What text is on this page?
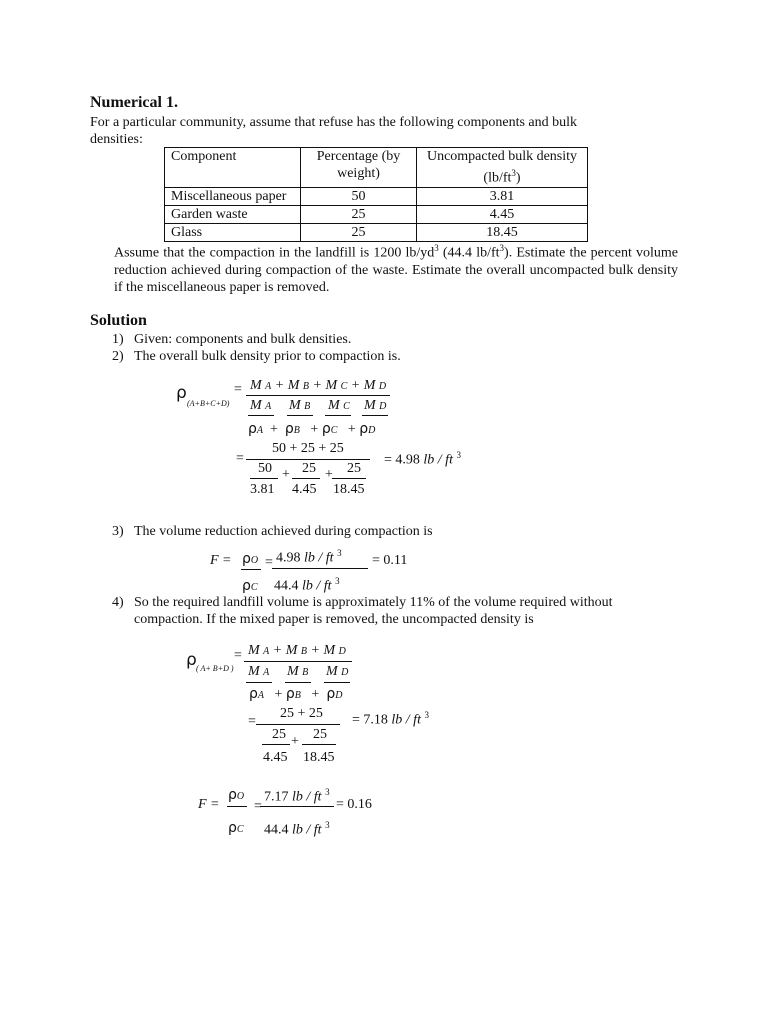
Numerical 1.
For a particular community, assume that refuse has the following components and bulk densities:
Component	Percentage (by weight)	Uncompacted bulk density
$(lb/ft^3)$
Miscellaneous paper	50	3.81
Garden waste	25	4.45
Glass	25	18.45
Assume that the compaction in the landfill is 1200 $lb/yd^3$ (44.4 $lb/ft^3$). Estimate the percent volume reduction achieved during compaction of the waste. Estimate the overall uncompacted bulk density if the miscellaneous paper is removed.
Solution
1) Given: components and bulk densities.
2) The overall bulk density prior to compaction is.
ρ
(A+B+C+D)
= M A + M B + M C + M D
M A M B M C M D
ρA  +  ρB   + ρC   + ρD
=
50 + 25 + 25
50 + 25 + 25
3.81 4.45 18.45
= 4.98 lb / ft $^3$
3) The volume reduction achieved during compaction is
F = ρO
ρC
= 4.98 lb / ft $^3$
44.4 lb / ft $^3$
= 0.11
4) So the required landfill volume is approximately 11% of the volume required without
compaction. If the mixed paper is removed, the uncompacted density is
ρ ( A+ B+D )
= M A + M B + M D
M A M B M D
ρA   + ρB   +  ρD
=
25 + 25
25 + 25
4.45 18.45
= 7.18 lb / ft $^3$
F =
ρO
ρC
=
7.17 lb / ft $^3$
44.4 lb / ft $^3$
= 0.16
